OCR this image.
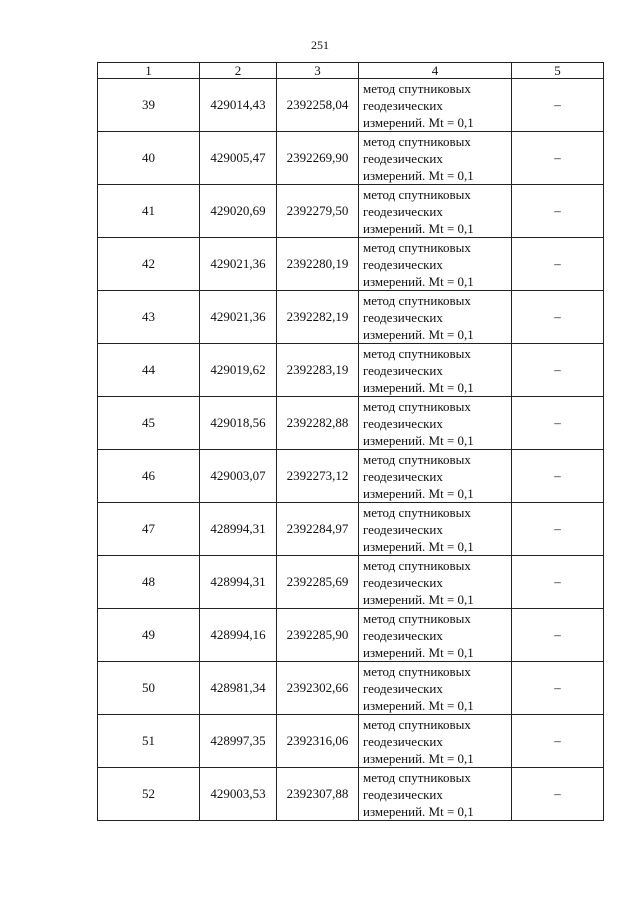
251
1	2	3	4	5
39	429014,43	2392258,04	метод спутниковых
геодезических
измерений. Mt = 0,1	–
40	429005,47	2392269,90	метод спутниковых
геодезических
измерений. Mt = 0,1	–
41	429020,69	2392279,50	метод спутниковых
геодезических
измерений. Mt = 0,1	–
42	429021,36	2392280,19	метод спутниковых
геодезических
измерений. Mt = 0,1	–
43	429021,36	2392282,19	метод спутниковых
геодезических
измерений. Mt = 0,1	–
44	429019,62	2392283,19	метод спутниковых
геодезических
измерений. Mt = 0,1	–
45	429018,56	2392282,88	метод спутниковых
геодезических
измерений. Mt = 0,1	–
46	429003,07	2392273,12	метод спутниковых
геодезических
измерений. Mt = 0,1	–
47	428994,31	2392284,97	метод спутниковых
геодезических
измерений. Mt = 0,1	–
48	428994,31	2392285,69	метод спутниковых
геодезических
измерений. Mt = 0,1	–
49	428994,16	2392285,90	метод спутниковых
геодезических
измерений. Mt = 0,1	–
50	428981,34	2392302,66	метод спутниковых
геодезических
измерений. Mt = 0,1	–
51	428997,35	2392316,06	метод спутниковых
геодезических
измерений. Mt = 0,1	–
52	429003,53	2392307,88	метод спутниковых
геодезических
измерений. Mt = 0,1	–
